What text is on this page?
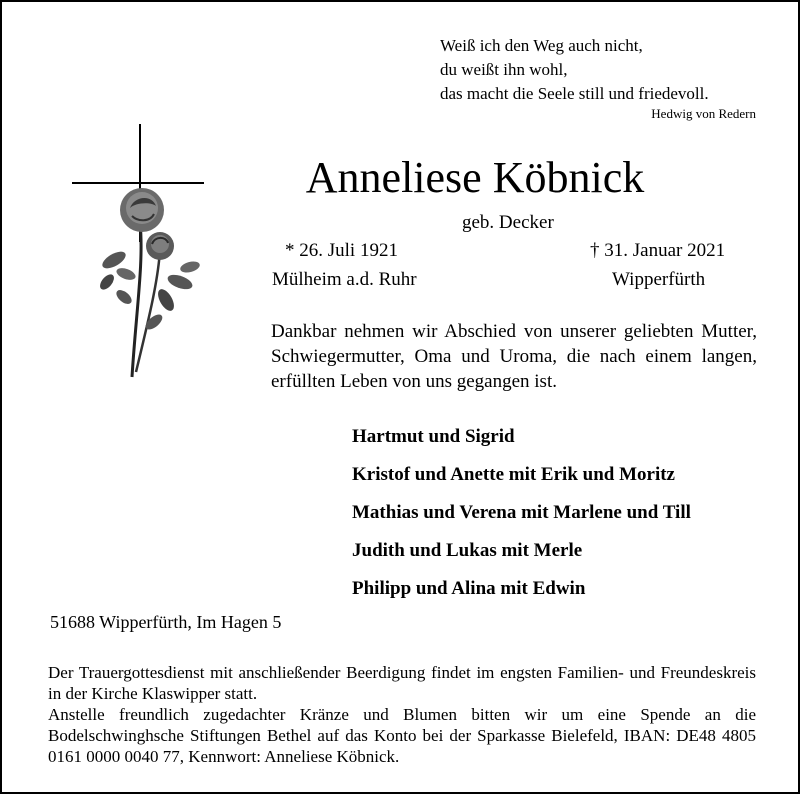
Weiß ich den Weg auch nicht,
du weißt ihn wohl,
das macht die Seele still und friedevoll.
Hedwig von Redern
Anneliese Köbnick
geb. Decker
* 26. Juli 1921
Mülheim a.d. Ruhr
† 31. Januar 2021
Wipperfürth
Dankbar nehmen wir Abschied von unserer geliebten Mutter, Schwiegermutter, Oma und Uroma, die nach einem langen, erfüllten Leben von uns gegangen ist.
Hartmut und Sigrid
Kristof und Anette mit Erik und Moritz
Mathias und Verena mit Marlene und Till
Judith und Lukas mit Merle
Philipp und Alina mit Edwin
51688 Wipperfürth, Im Hagen 5

Der Trauergottesdienst mit anschließender Beerdigung findet im engsten Familien- und Freundeskreis in der Kirche Klaswipper statt.

Anstelle freundlich zugedachter Kränze und Blumen bitten wir um eine Spende an die Bodelschwinghsche Stiftungen Bethel auf das Konto bei der Sparkasse Bielefeld, IBAN: DE48 4805 0161 0000 0040 77, Kennwort: Anneliese Köbnick.
